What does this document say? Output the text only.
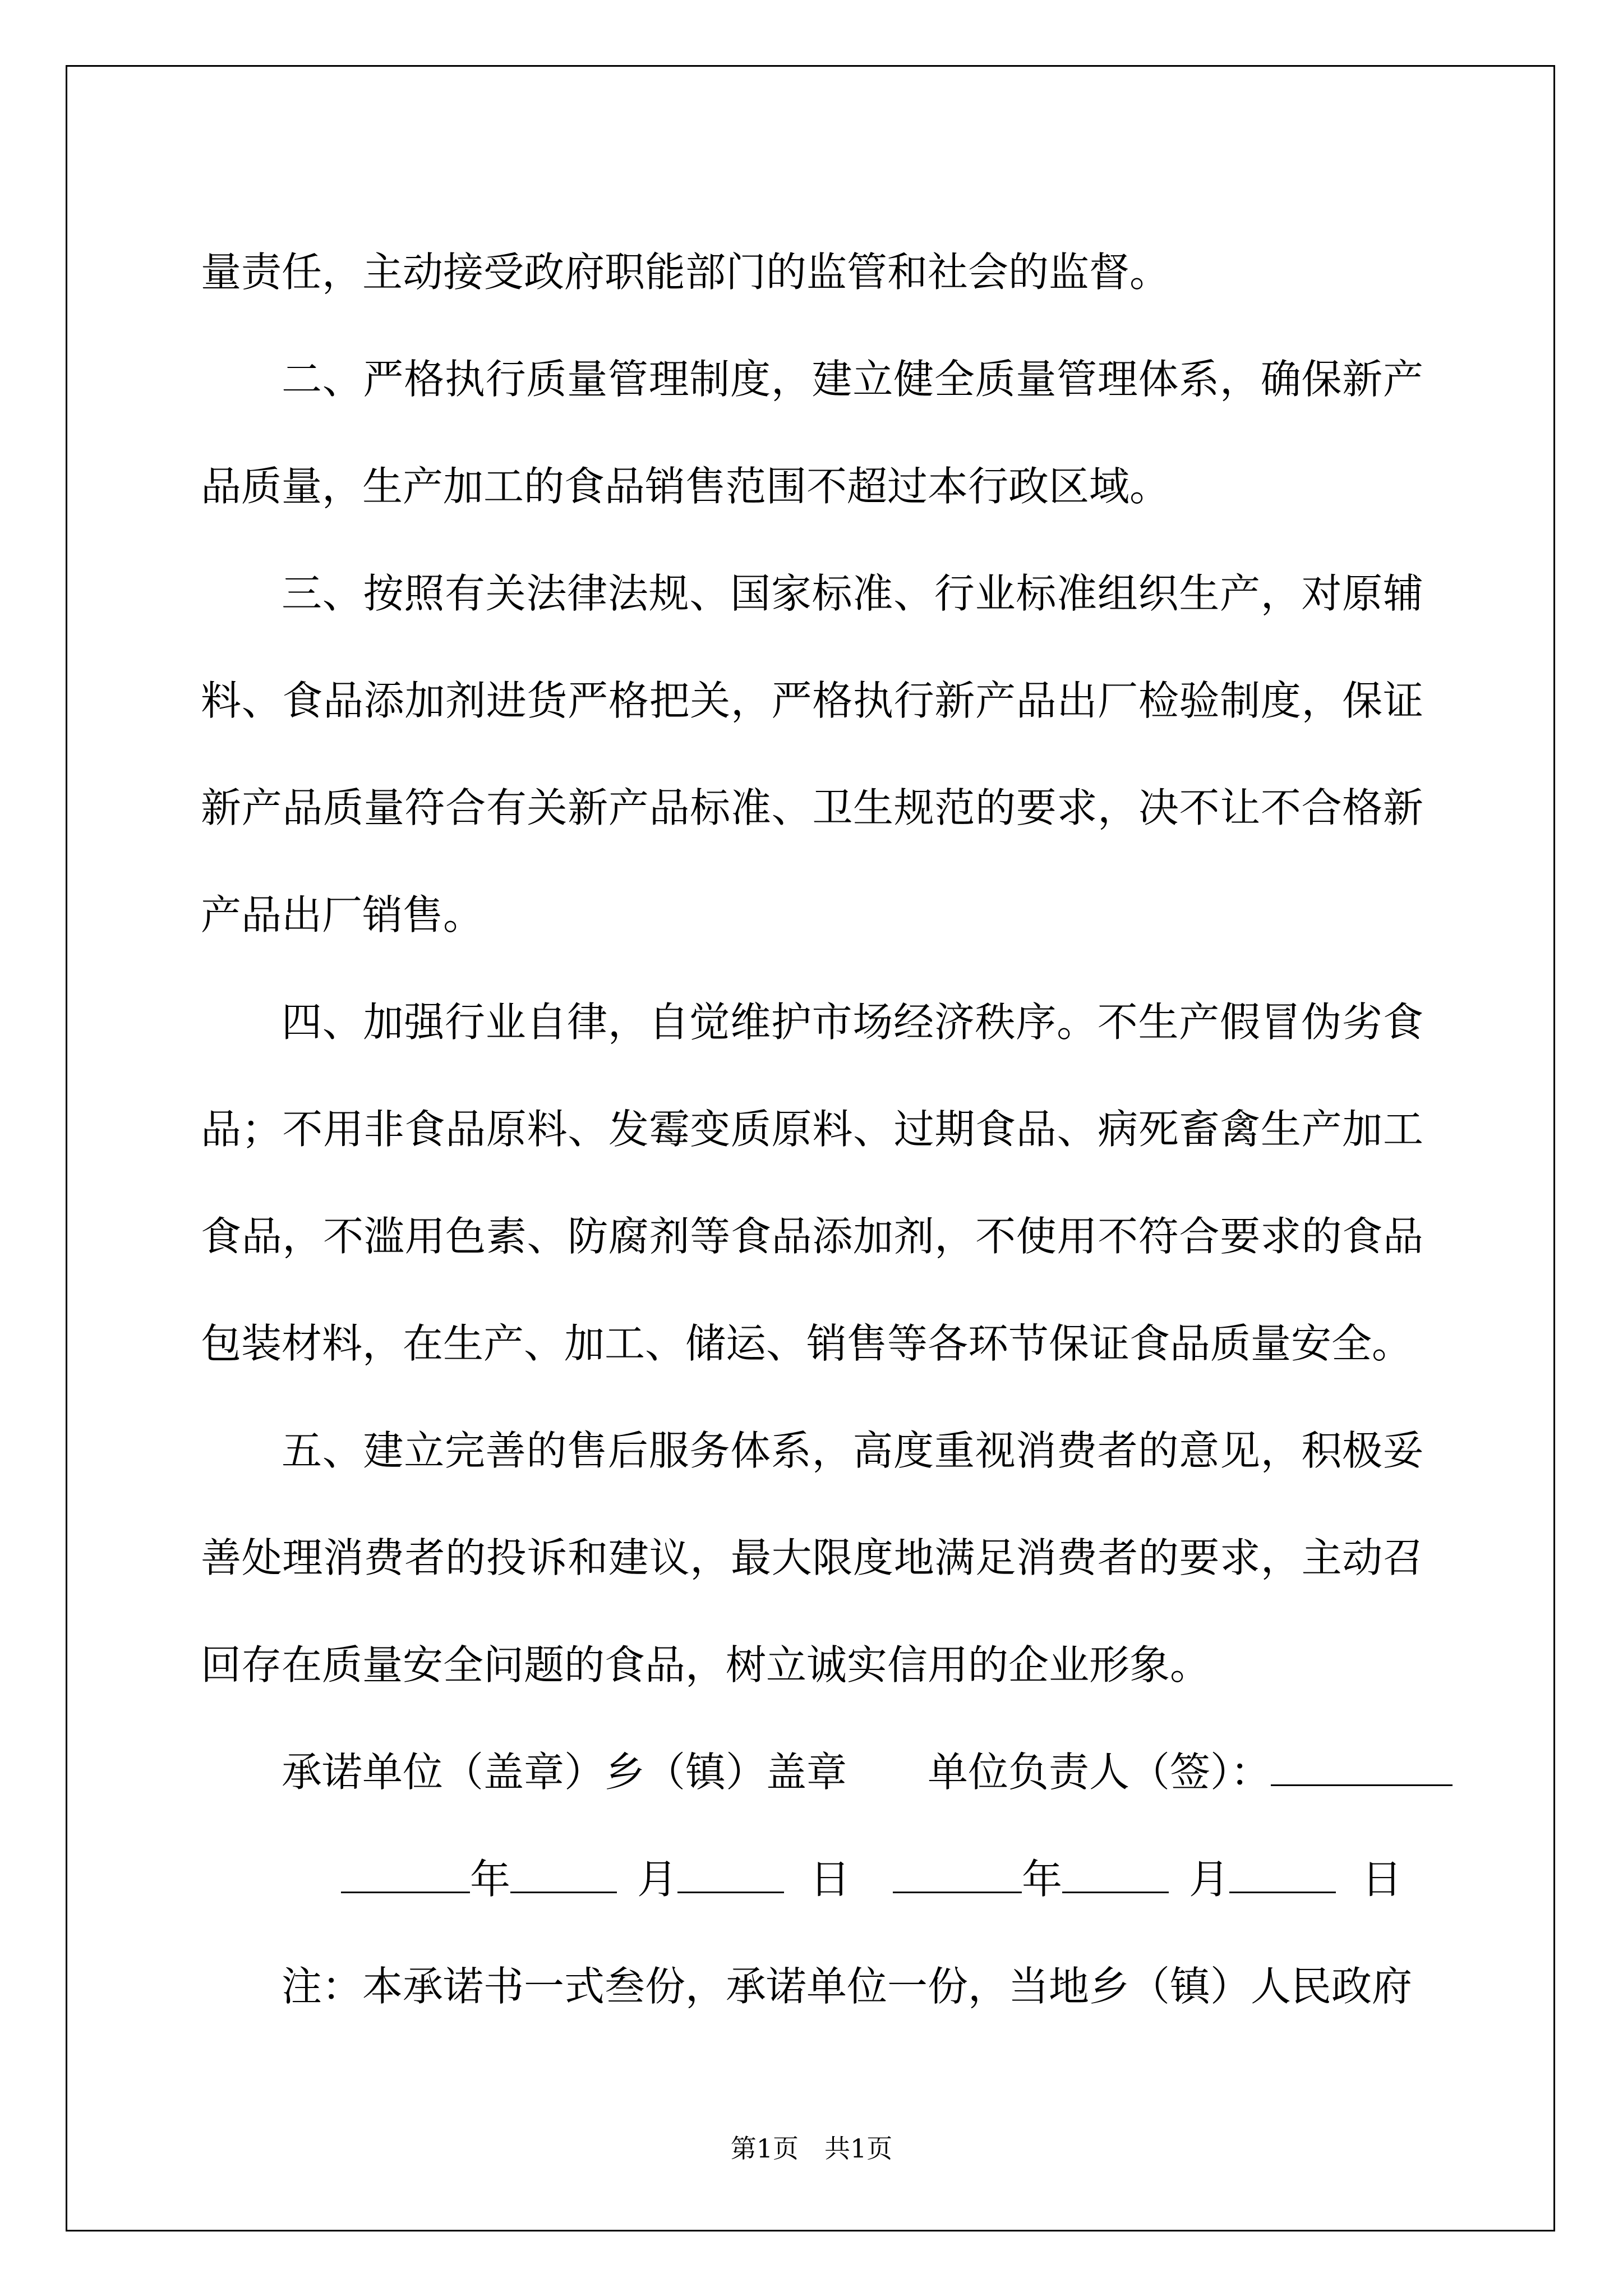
量责任，主动接受政府职能部门的监管和社会的监督。

二、严格执行质量管理制度，建立健全质量管理体系，确保新产品质量，生产加工的食品销售范围不超过本行政区域。

三、按照有关法律法规、国家标准、行业标准组织生产，对原辅料、食品添加剂进货严格把关，严格执行新产品出厂检验制度，保证新产品质量符合有关新产品标准、卫生规范的要求，决不让不合格新产品出厂销售。

四、加强行业自律，自觉维护市场经济秩序。不生产假冒伪劣食品；不用非食品原料、发霉变质原料、过期食品、病死畜禽生产加工食品，不滥用色素、防腐剂等食品添加剂，不使用不符合要求的食品包装材料，在生产、加工、储运、销售等各环节保证食品质量安全。

五、建立完善的售后服务体系，高度重视消费者的意见，积极妥善处理消费者的投诉和建议，最大限度地满足消费者的要求，主动召回存在质量安全问题的食品，树立诚实信用的企业形象。

承诺单位（盖章）乡（镇）盖章 单位负责人（签）：
年	月	日	年	月	日

注：本承诺书一式叁份，承诺单位一份，当地乡（镇）人民政府

第1页 共1页
